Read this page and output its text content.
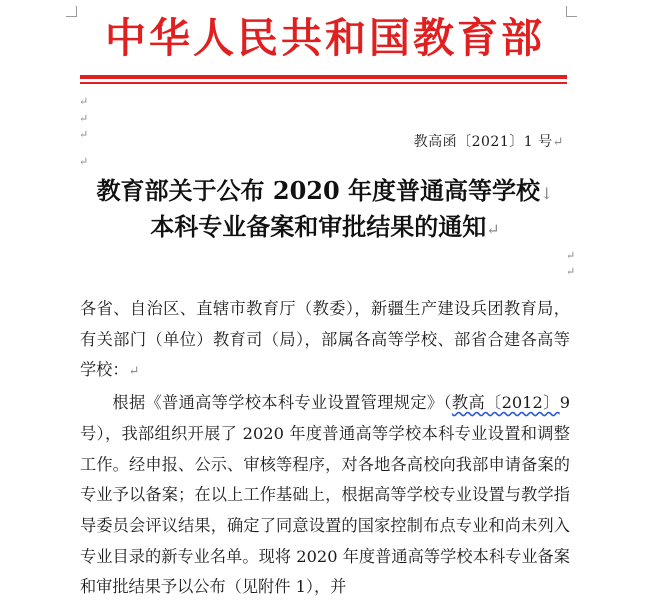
中华人民共和国教育部
↵
↵
↵
↵
教高函〔2021〕1 号↵
教育部关于公布 2020 年度普通高等学校↓
本科专业备案和审批结果的通知↵
↵
↵

各省、自治区、直辖市教育厅（教委），新疆生产建设兵团教育局，有关部门（单位）教育司（局），部属各高等学校、部省合建各高等学校：↵

根据《普通高等学校本科专业设置管理规定》（教高〔2012〕9 号），我部组织开展了 2020 年度普通高等学校本科专业设置和调整工作。经申报、公示、审核等程序，对各地各高校向我部申请备案的专业予以备案；在以上工作基础上，根据高等学校专业设置与教学指导委员会评议结果，确定了同意设置的国家控制布点专业和尚未列入专业目录的新专业名单。现将 2020 年度普通高等学校本科专业备案和审批结果予以公布（见附件 1），并
